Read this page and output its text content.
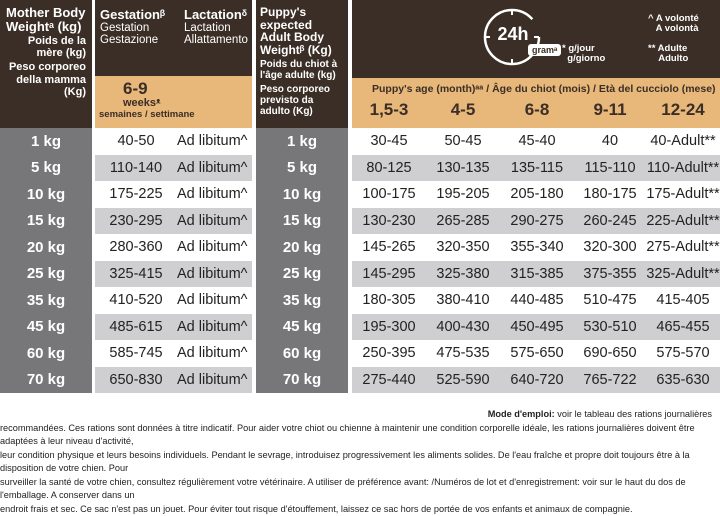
Mother Body Weightᵃ (kg)
Poids de la mère (kg)
Peso corporeo della mamma (Kg)
Gestationᵝ
Gestation
Gestazione
Lactationᵟ
Lactation
Allattamento
6-9
weeksᵜ
semaines / settimane
Puppy's expected Adult Body Weightᵝ (Kg)
Poids du chiot à l'âge adulte (kg)
Peso corporeo previsto da adulto (Kg)
24h
gramᵃ * g/jour
g/giorno
^ A volonté
A volontà
** Adulte
Adulto
Puppy's age (month)ᵃᵃ / Âge du chiot (mois) / Età del cucciolo (mese)
1,5-3	4-5	6-8	9-11	12-24
1 kg	40-50	Ad libitum^	1 kg	30-45	50-45	45-40	40	40-Adult**
5 kg	110-140	Ad libitum^	5 kg	80-125	130-135	135-115	115-110 110-Adult**
10 kg	175-225 Ad libitum^	10 kg	100-175	195-205	205-180	180-175 175-Adult**
15 kg	230-295 Ad libitum^	15 kg	130-230	265-285	290-275	260-245 225-Adult**
20 kg	280-360 Ad libitum^	20 kg	145-265	320-350	355-340	320-300 275-Adult**
25 kg	325-415 Ad libitum^	25 kg	145-295	325-380	315-385	375-355 325-Adult**
35 kg	410-520 Ad libitum^	35 kg	180-305	380-410	440-485	510-475	415-405
45 kg	485-615 Ad libitum^	45 kg	195-300	400-430	450-495	530-510	465-455
60 kg	585-745 Ad libitum^	60 kg	250-395	475-535	575-650	690-650	575-570
70 kg	650-830 Ad libitum^	70 kg	275-440	525-590	640-720	765-722	635-630
Mode d'emploi: voir le tableau des rations journalières
recommandées. Ces rations sont données à titre indicatif. Pour aider votre chiot ou chienne à maintenir une condition corporelle idéale, les rations journalières doivent être adaptées à leur niveau d'activité,
leur condition physique et leurs besoins individuels. Pendant le sevrage, introduisez progressivement les aliments solides. De l'eau fraîche et propre doit toujours être à la disposition de votre chien. Pour
surveiller la santé de votre chien, consultez régulièrement votre vétérinaire. A utiliser de préférence avant: /Numéros de lot et d'enregistrement: voir sur le haut du dos de l'emballage. A conserver dans un
endroit frais et sec. Ce sac n'est pas un jouet. Pour éviter tout risque d'étouffement, laissez ce sac hors de portée de vos enfants et animaux de compagnie.
